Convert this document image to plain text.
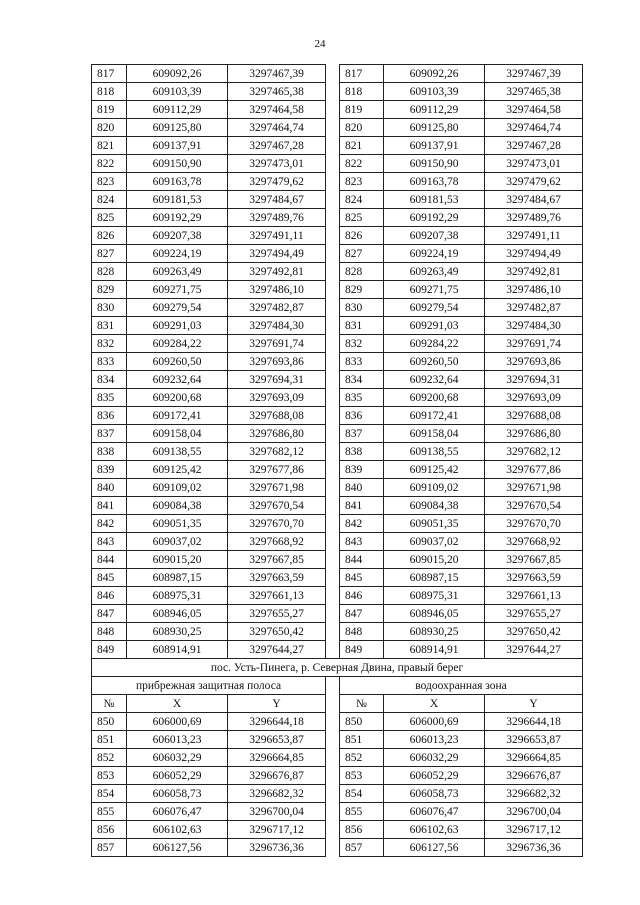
24
817	609092,26	3297467,39		817	609092,26	3297467,39
818	609103,39	3297465,38		818	609103,39	3297465,38
819	609112,29	3297464,58		819	609112,29	3297464,58
820	609125,80	3297464,74		820	609125,80	3297464,74
821	609137,91	3297467,28		821	609137,91	3297467,28
822	609150,90	3297473,01		822	609150,90	3297473,01
823	609163,78	3297479,62		823	609163,78	3297479,62
824	609181,53	3297484,67		824	609181,53	3297484,67
825	609192,29	3297489,76		825	609192,29	3297489,76
826	609207,38	3297491,11		826	609207,38	3297491,11
827	609224,19	3297494,49		827	609224,19	3297494,49
828	609263,49	3297492,81		828	609263,49	3297492,81
829	609271,75	3297486,10		829	609271,75	3297486,10
830	609279,54	3297482,87		830	609279,54	3297482,87
831	609291,03	3297484,30		831	609291,03	3297484,30
832	609284,22	3297691,74		832	609284,22	3297691,74
833	609260,50	3297693,86		833	609260,50	3297693,86
834	609232,64	3297694,31		834	609232,64	3297694,31
835	609200,68	3297693,09		835	609200,68	3297693,09
836	609172,41	3297688,08		836	609172,41	3297688,08
837	609158,04	3297686,80		837	609158,04	3297686,80
838	609138,55	3297682,12		838	609138,55	3297682,12
839	609125,42	3297677,86		839	609125,42	3297677,86
840	609109,02	3297671,98		840	609109,02	3297671,98
841	609084,38	3297670,54		841	609084,38	3297670,54
842	609051,35	3297670,70		842	609051,35	3297670,70
843	609037,02	3297668,92		843	609037,02	3297668,92
844	609015,20	3297667,85		844	609015,20	3297667,85
845	608987,15	3297663,59		845	608987,15	3297663,59
846	608975,31	3297661,13		846	608975,31	3297661,13
847	608946,05	3297655,27		847	608946,05	3297655,27
848	608930,25	3297650,42		848	608930,25	3297650,42
849	608914,91	3297644,27		849	608914,91	3297644,27
пос. Усть-Пинега, р. Северная Двина, правый берег						
прибрежная защитная полоса				водоохранная зона		
№	X	Y		№	X	Y
850	606000,69	3296644,18		850	606000,69	3296644,18
851	606013,23	3296653,87		851	606013,23	3296653,87
852	606032,29	3296664,85		852	606032,29	3296664,85
853	606052,29	3296676,87		853	606052,29	3296676,87
854	606058,73	3296682,32		854	606058,73	3296682,32
855	606076,47	3296700,04		855	606076,47	3296700,04
856	606102,63	3296717,12		856	606102,63	3296717,12
857	606127,56	3296736,36		857	606127,56	3296736,36
